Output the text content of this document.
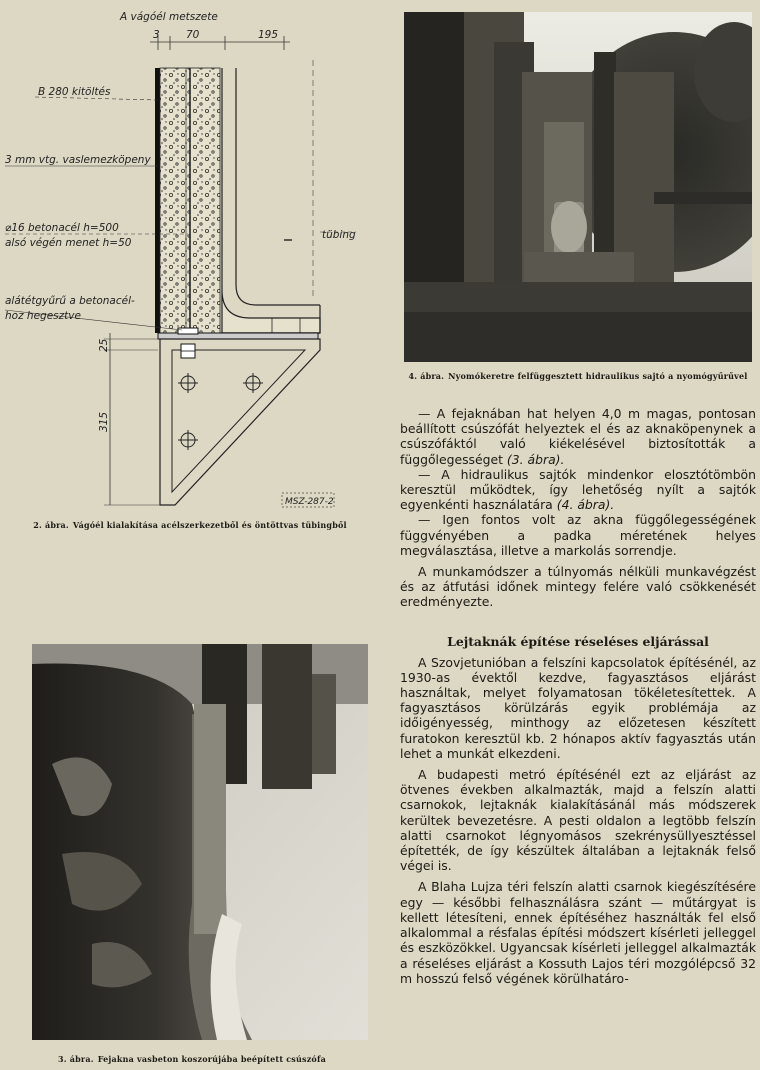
A vágóél metszete
3	70	195
B 280 kitöltés
3 mm vtg. vaslemezköpeny
⌀16 betonacél h=500
alsó végén menet h=50
alátétgyűrű a betonacél-
hoz hegesztve
tübing
25
315
MSZ-287-2
2. ábra. Vágóél kialakítása acélszerkezetből és öntöttvas tübingből
4. ábra. Nyomókeretre felfüggesztett hidraulikus sajtó a nyomógyűrűvel
3. ábra. Fejakna vasbeton koszorújába beépített csúszófa

— A fejaknában hat helyen 4,0 m magas, pontosan beállított csúszófát helyeztek el és az aknaköpenynek a csúszófáktól való kiékelésével biztosították a függőlegességet (3. ábra).

— A hidraulikus sajtók mindenkor elosztótömbön keresztül működtek, így lehetőség nyílt a sajtók egyenkénti használatára (4. ábra).

— Igen fontos volt az akna függőlegességének függvényében a padka méretének helyes megválasztása, illetve a markolás sorrendje.

A munkamódszer a túlnyomás nélküli munkavégzést és az átfutási időnek mintegy felére való csökkenését eredményezte.

Lejtaknák építése réseléses eljárással

A Szovjetunióban a felszíni kapcsolatok építésénél, az 1930-as évektől kezdve, fagyasztásos eljárást használtak, melyet folyamatosan tökéletesítettek. A fagyasztásos körülzárás egyik problémája az időigényesség, minthogy az előzetesen készített furatokon keresztül kb. 2 hónapos aktív fagyasztás után lehet a munkát elkezdeni.

A budapesti metró építésénél ezt az eljárást az ötvenes években alkalmazták, majd a felszín alatti csarnokok, lejtaknák kialakításánál más módszerek kerültek bevezetésre. A pesti oldalon a legtöbb felszín alatti csarnokot légnyomásos szekrénysüllyesztéssel építették, de így készültek általában a lejtaknák felső végei is.

A Blaha Lujza téri felszín alatti csarnok kiegészítésére egy — későbbi felhasználásra szánt — műtárgyat is kellett létesíteni, ennek építéséhez használták fel első alkalommal a résfalas építési módszert kísérleti jelleggel és eszközökkel. Ugyancsak kísérleti jelleggel alkalmazták a réseléses eljárást a Kossuth Lajos téri mozgólépcső 32 m hosszú felső végének körülhatáro-
